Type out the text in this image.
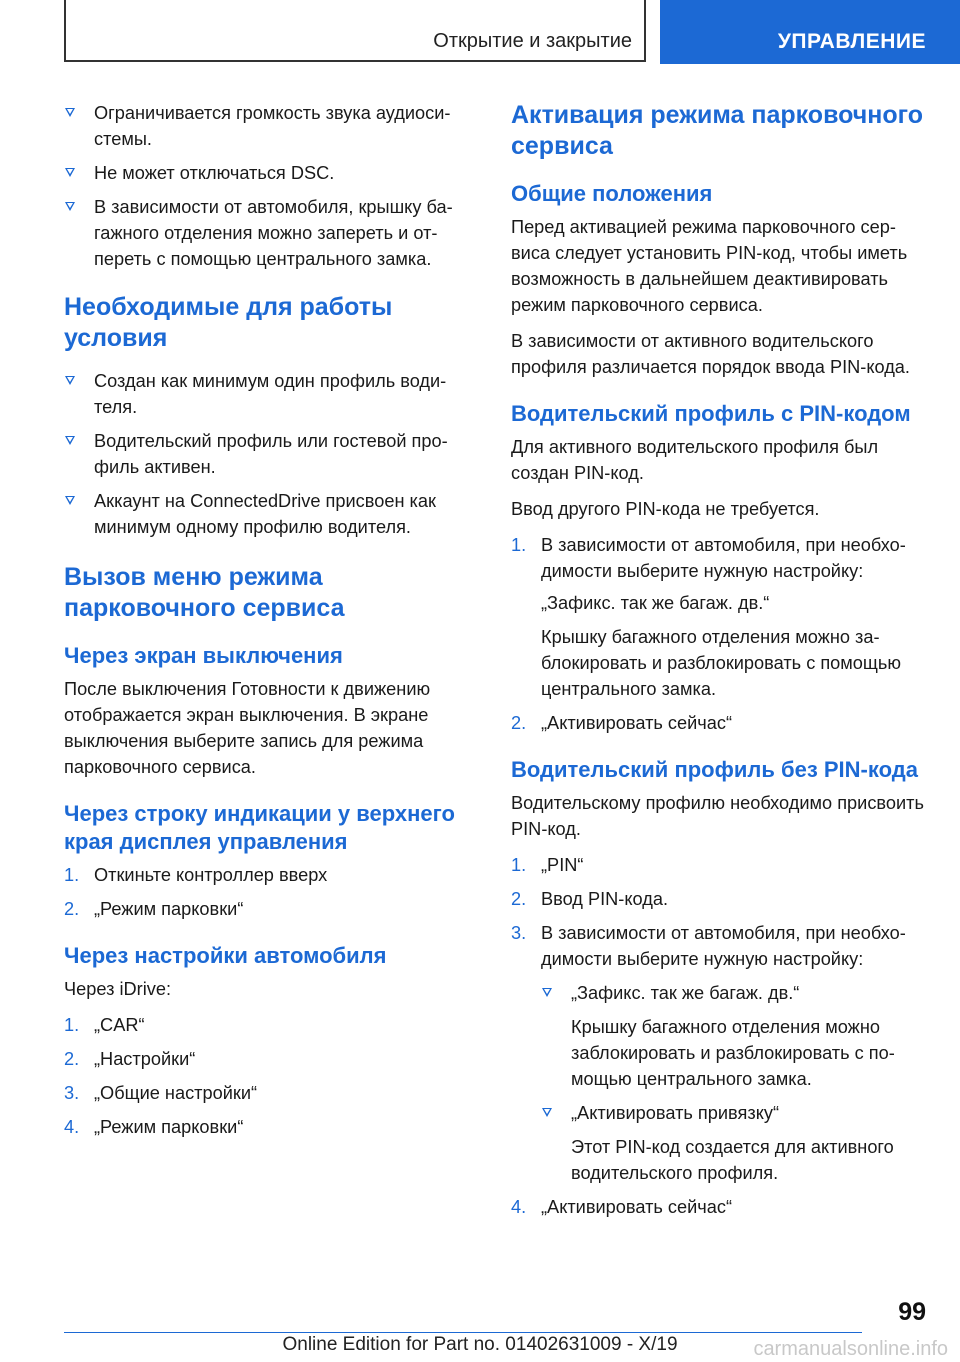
Открытие и закрытие	УПРАВЛЕНИЕ
Ограничивается громкость звука аудиоси-стемы.
Не может отключаться DSC.
В зависимости от автомобиля, крышку ба-гажного отделения можно запереть и от-переть с помощью центрального замка.
Необходимые для работы условия
Создан как минимум один профиль води-теля.
Водительский профиль или гостевой про-филь активен.
Аккаунт на ConnectedDrive присвоен как минимум одному профилю водителя.
Вызов меню режима парковочного сервиса
Через экран выключения
После выключения Готовности к движению отображается экран выключения. В экране выключения выберите запись для режима парковочного сервиса.
Через строку индикации у верхнего края дисплея управления
1. Откиньте контроллер вверх
2. „Режим парковки“
Через настройки автомобиля
Через iDrive:
1. „CAR“
2. „Настройки“
3. „Общие настройки“
4. „Режим парковки“
Активация режима парковочного сервиса
Общие положения
Перед активацией режима парковочного сер-виса следует установить PIN-код, чтобы иметь возможность в дальнейшем деактивировать режим парковочного сервиса.
В зависимости от активного водительского профиля различается порядок ввода PIN-кода.
Водительский профиль с PIN-кодом
Для активного водительского профиля был создан PIN-код.
Ввод другого PIN-кода не требуется.
1. В зависимости от автомобиля, при необхо-димости выберите нужную настройку:
„Зафикс. так же багаж. дв.“
Крышку багажного отделения можно за-блокировать и разблокировать с помощью центрального замка.
2. „Активировать сейчас“
Водительский профиль без PIN-кода
Водительскому профилю необходимо присвоить PIN-код.
1. „PIN“
2. Ввод PIN-кода.
3. В зависимости от автомобиля, при необхо-димости выберите нужную настройку:
„Зафикс. так же багаж. дв.“
Крышку багажного отделения можно заблокировать и разблокировать с по-мощью центрального замка.
„Активировать привязку“
Этот PIN-код создается для активного водительского профиля.
4. „Активировать сейчас“
99
Online Edition for Part no. 01402631009 - X/19	carmanualsonline.info
